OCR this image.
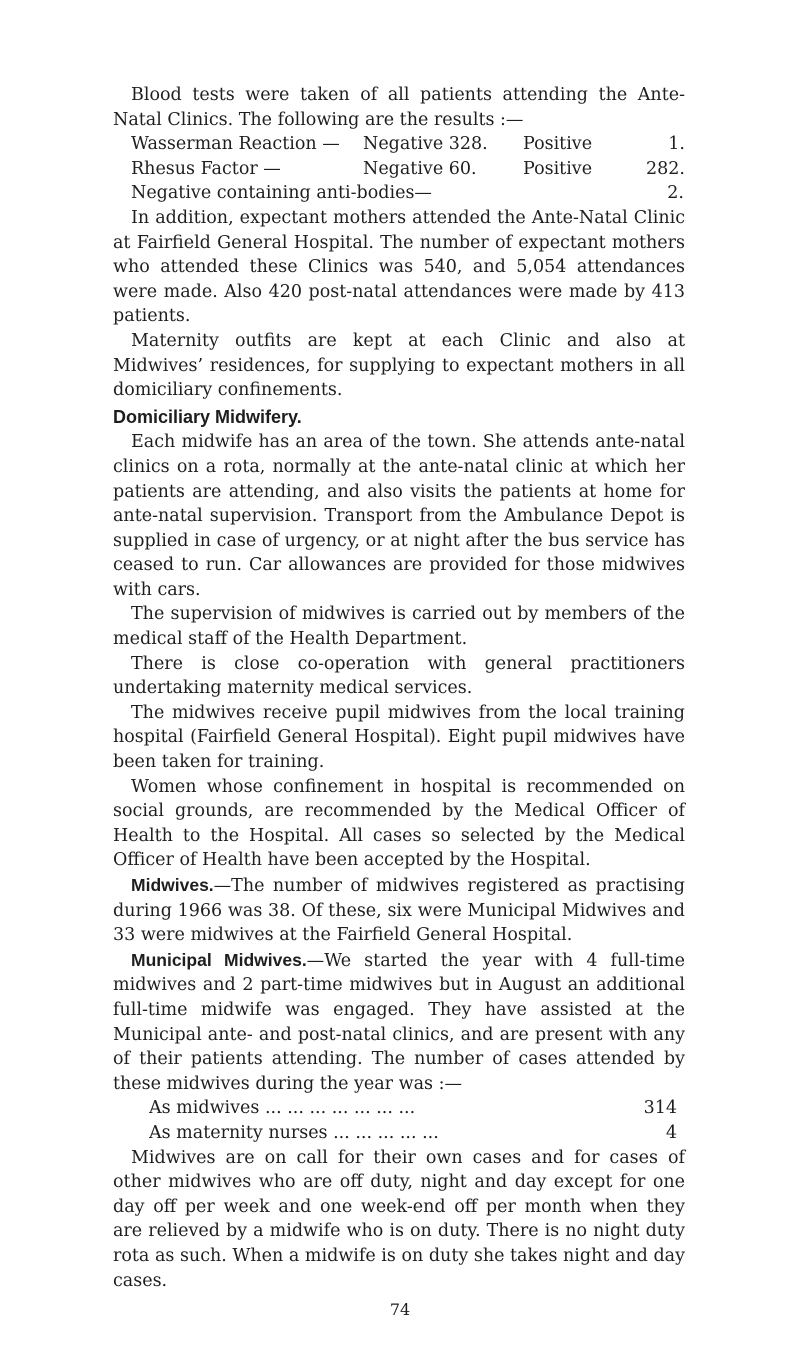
Blood tests were taken of all patients attending the Ante-Natal Clinics. The following are the results :—

Wasserman Reaction —	Negative 328.	Positive	1.
Rhesus Factor —	Negative 60.	Positive	282.
Negative containing anti-bodies—	2.

In addition, expectant mothers attended the Ante-Natal Clinic at Fairfield General Hospital. The number of expectant mothers who attended these Clinics was 540, and 5,054 attendances were made. Also 420 post-natal attendances were made by 413 patients.

Maternity outfits are kept at each Clinic and also at Midwives’ residences, for supplying to expectant mothers in all domiciliary confinements.

Domiciliary Midwifery.

Each midwife has an area of the town. She attends ante-natal clinics on a rota, normally at the ante-natal clinic at which her patients are attending, and also visits the patients at home for ante-natal supervision. Transport from the Ambulance Depot is supplied in case of urgency, or at night after the bus service has ceased to run. Car allowances are provided for those midwives with cars.

The supervision of midwives is carried out by members of the medical staff of the Health Department.

There is close co-operation with general practitioners undertaking maternity medical services.

The midwives receive pupil midwives from the local training hospital (Fairfield General Hospital). Eight pupil midwives have been taken for training.

Women whose confinement in hospital is recommended on social grounds, are recommended by the Medical Officer of Health to the Hospital. All cases so selected by the Medical Officer of Health have been accepted by the Hospital.

Midwives.—The number of midwives registered as practising during 1966 was 38. Of these, six were Municipal Midwives and 33 were midwives at the Fairfield General Hospital.

Municipal Midwives.—We started the year with 4 full-time midwives and 2 part-time midwives but in August an additional full-time midwife was engaged. They have assisted at the Municipal ante- and post-natal clinics, and are present with any of their patients attending. The number of cases attended by these midwives during the year was :—

As midwives ... ... ... ... ... ... ...	314
As maternity nurses ... ... ... ... ...	4

Midwives are on call for their own cases and for cases of other midwives who are off duty, night and day except for one day off per week and one week-end off per month when they are relieved by a midwife who is on duty. There is no night duty rota as such. When a midwife is on duty she takes night and day cases.

74
